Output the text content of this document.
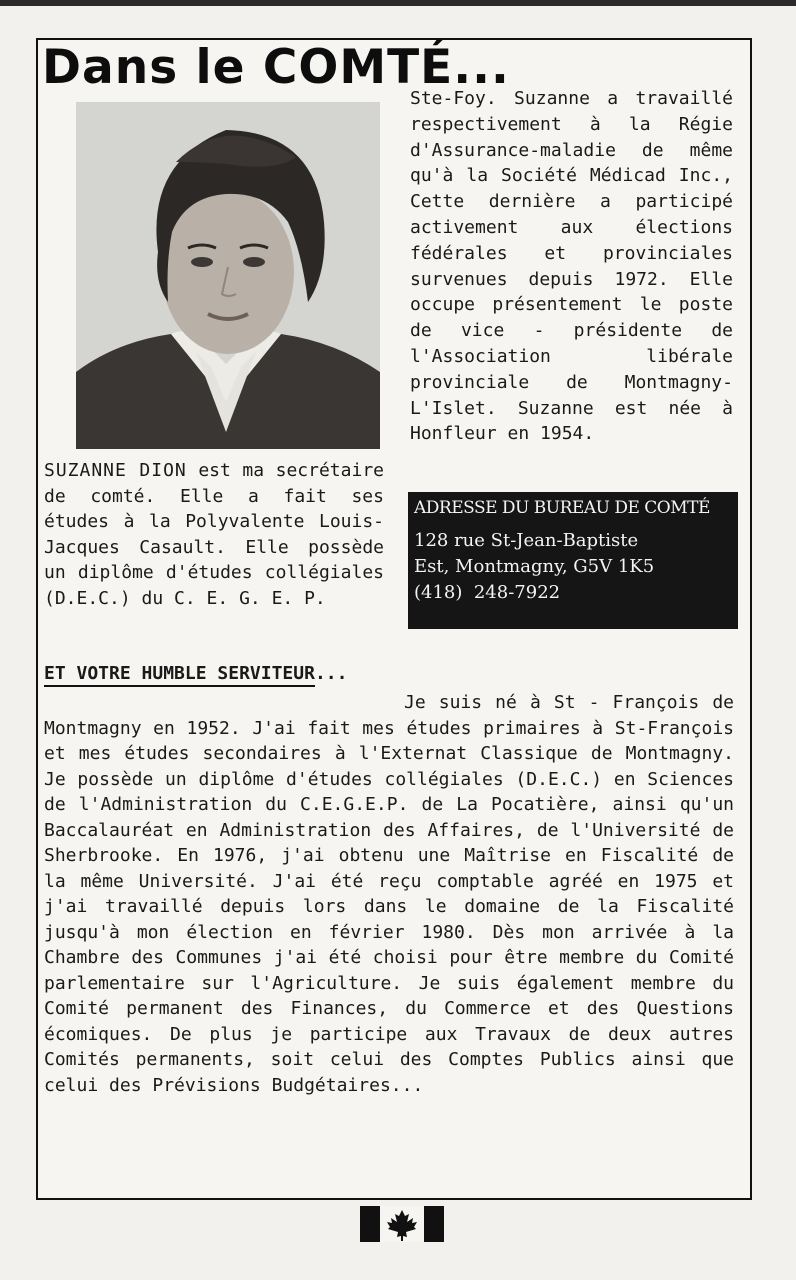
Dans le COMTÉ...

Ste-Foy. Suzanne a travaillé respectivement à la Régie d'Assurance-maladie de même qu'à la Société Médicad Inc., Cette dernière a participé activement aux élections fédérales et provinciales survenues depuis 1972. Elle occupe présentement le poste de vice - présidente de l'Association libérale provinciale de Montmagny-L'Islet. Suzanne est née à Honfleur en 1954.

SUZANNE DION est ma secrétaire de comté. Elle a fait ses études à la Polyvalente Louis-Jacques Casault. Elle possède un diplôme d'études collégiales (D.E.C.) du C. E. G. E. P.

ADRESSE DU BUREAU DE COMTÉ
128 rue St-Jean-Baptiste
Est, Montmagny, G5V 1K5
(418)  248-7922
ET VOTRE HUMBLE SERVITEUR...

Je suis né à St - François de Montmagny en 1952. J'ai fait mes études primaires à St-François et mes études secondaires à l'Externat Classique de Montmagny. Je possède un diplôme d'études collégiales (D.E.C.) en Sciences de l'Administration du C.E.G.E.P. de La Pocatière, ainsi qu'un Baccalauréat en Administration des Affaires, de l'Université de Sherbrooke. En 1976, j'ai obtenu une Maîtrise en Fiscalité de la même Université. J'ai été reçu comptable agréé en 1975 et j'ai travaillé depuis lors dans le domaine de la Fiscalité jusqu'à mon élection en février 1980. Dès mon arrivée à la Chambre des Communes j'ai été choisi pour être membre du Comité parlementaire sur l'Agriculture. Je suis également membre du Comité permanent des Finances, du Commerce et des Questions écomiques. De plus je participe aux Travaux de deux autres Comités permanents, soit celui des Comptes Publics ainsi que celui des Prévisions Budgétaires...
